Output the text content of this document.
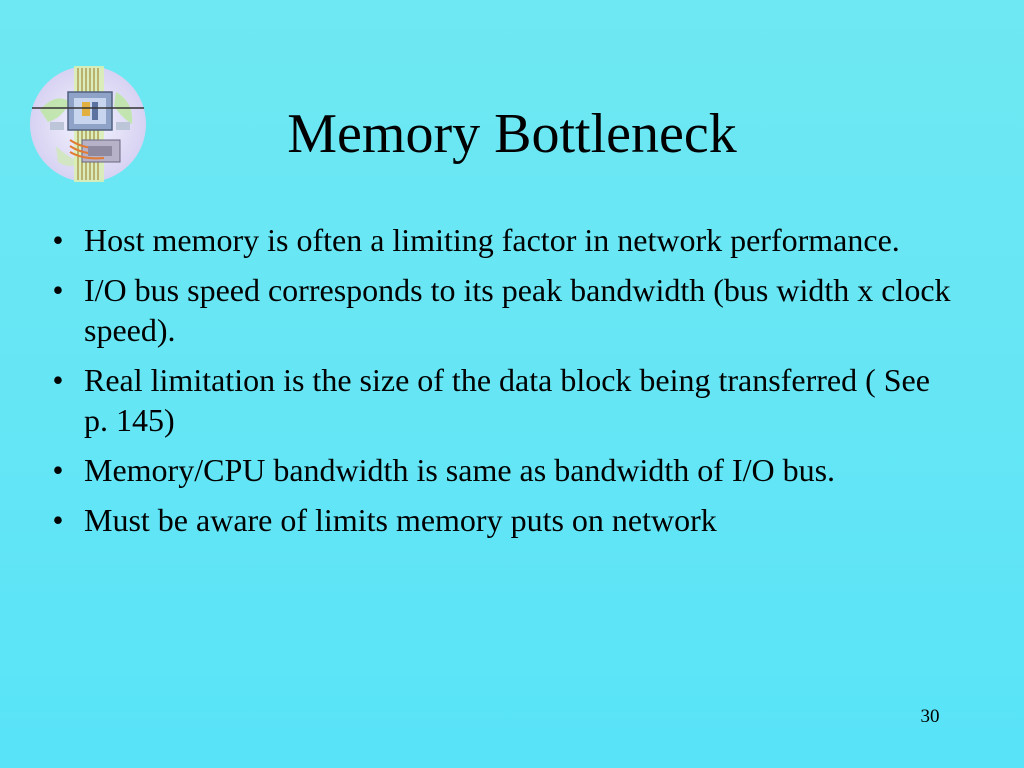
Memory Bottleneck
• Host memory is often a limiting factor in network performance.
• I/O bus speed corresponds to its peak bandwidth (bus width x clock speed).
• Real limitation is the size of the data block being transferred ( See p. 145)
• Memory/CPU bandwidth is same as bandwidth of I/O bus.
• Must be aware of limits memory puts on network
30
